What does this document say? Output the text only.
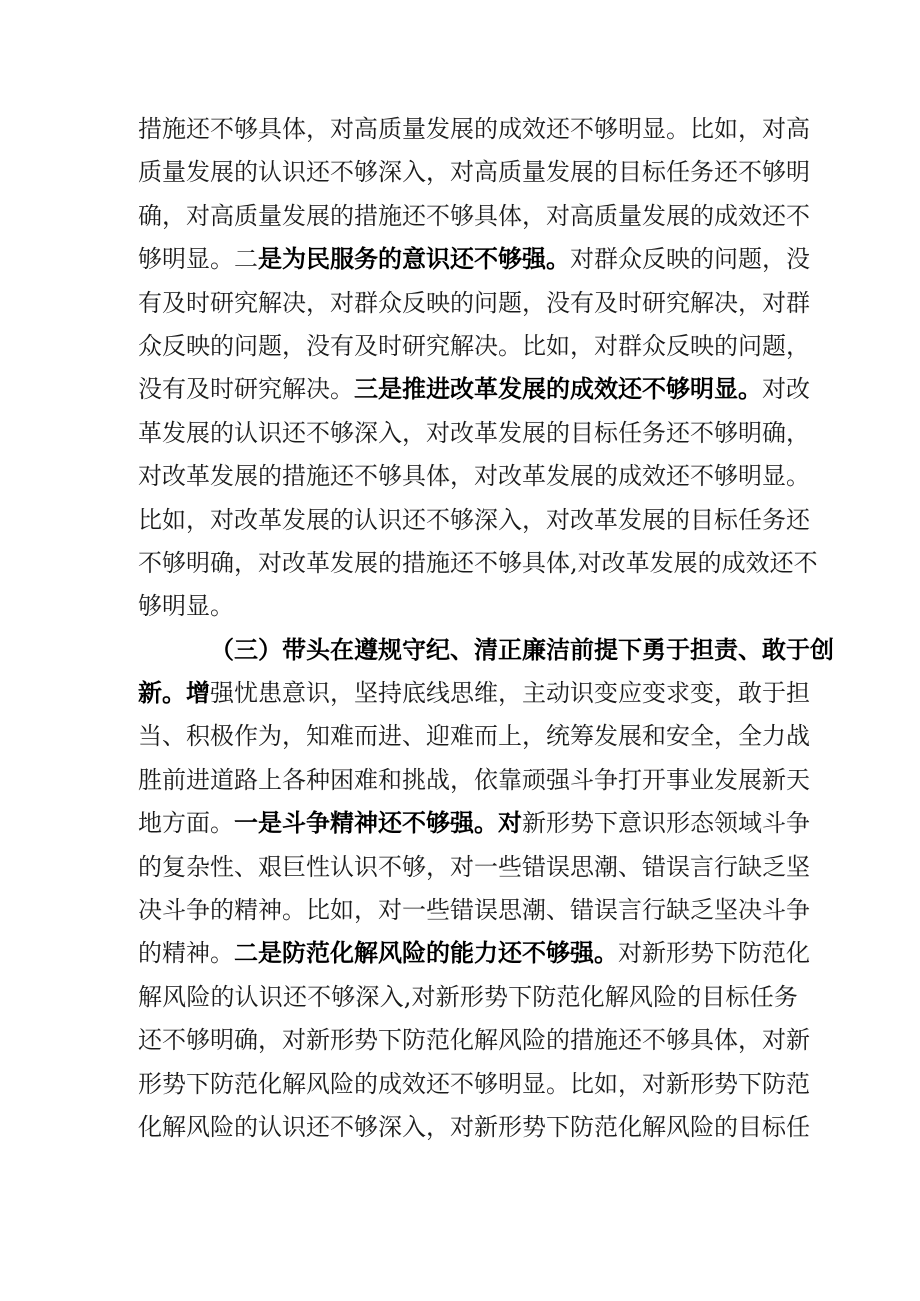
措 施 还 不 够 具 体 ， 对 高 质 量 发 展 的 成 效 还 不 够 明 显 。 比 如 ， 对 高
质 量 发 展 的 认 识 还 不 够 深 入 ， 对 高 质 量 发 展 的 目 标 任 务 还 不 够 明
确 ， 对 高 质 量 发 展 的 措 施 还 不 够 具 体 ， 对 高 质 量 发 展 的 成 效 还 不
够 明 显 。 二 是 为 民 服 务 的 意 识 还 不 够 强 。 对 群 众 反 映 的 问 题 ， 没
有 及 时 研 究 解 决 ， 对 群 众 反 映 的 问 题 ， 没 有 及 时 研 究 解 决 ， 对 群
众 反 映 的 问 题 ， 没 有 及 时 研 究 解 决 。 比 如 ， 对 群 众 反 映 的 问 题 ，
没 有 及 时 研 究 解 决 。 三 是 推 进 改 革 发 展 的 成 效 还 不 够 明 显 。 对 改
革 发 展 的 认 识 还 不 够 深 入 ， 对 改 革 发 展 的 目 标 任 务 还 不 够 明 确 ，
对 改 革 发 展 的 措 施 还 不 够 具 体 ， 对 改 革 发 展 的 成 效 还 不 够 明 显 。
比 如 ， 对 改 革 发 展 的 认 识 还 不 够 深 入 ， 对 改 革 发 展 的 目 标 任 务 还
不 够 明 确 ， 对 改 革 发 展 的 措 施 还 不 够 具 体 , 对 改 革 发 展 的 成 效 还 不
够 明 显 。
（ 三 ） 带 头 在 遵 规 守 纪 、 清 正 廉 洁 前 提 下 勇 于 担 责 、 敢 于 创
新 。 增 强 忧 患 意 识 ， 坚 持 底 线 思 维 ， 主 动 识 变 应 变 求 变 ， 敢 于 担
当 、 积 极 作 为 ， 知 难 而 进 、 迎 难 而 上 ， 统 筹 发 展 和 安 全 ， 全 力 战
胜 前 进 道 路 上 各 种 困 难 和 挑 战 ， 依 靠 顽 强 斗 争 打 开 事 业 发 展 新 天
地 方 面 。 一 是 斗 争 精 神 还 不 够 强 。 对 新 形 势 下 意 识 形 态 领 域 斗 争
的 复 杂 性 、 艰 巨 性 认 识 不 够 ， 对 一 些 错 误 思 潮 、 错 误 言 行 缺 乏 坚
决 斗 争 的 精 神 。 比 如 ， 对 一 些 错 误 思 潮 、 错 误 言 行 缺 乏 坚 决 斗 争
的 精 神 。 二 是 防 范 化 解 风 险 的 能 力 还 不 够 强 。 对 新 形 势 下 防 范 化
解 风 险 的 认 识 还 不 够 深 入 , 对 新 形 势 下 防 范 化 解 风 险 的 目 标 任 务
还 不 够 明 确 ， 对 新 形 势 下 防 范 化 解 风 险 的 措 施 还 不 够 具 体 ， 对 新
形 势 下 防 范 化 解 风 险 的 成 效 还 不 够 明 显 。 比 如 ， 对 新 形 势 下 防 范
化 解 风 险 的 认 识 还 不 够 深 入 ， 对 新 形 势 下 防 范 化 解 风 险 的 目 标 任
